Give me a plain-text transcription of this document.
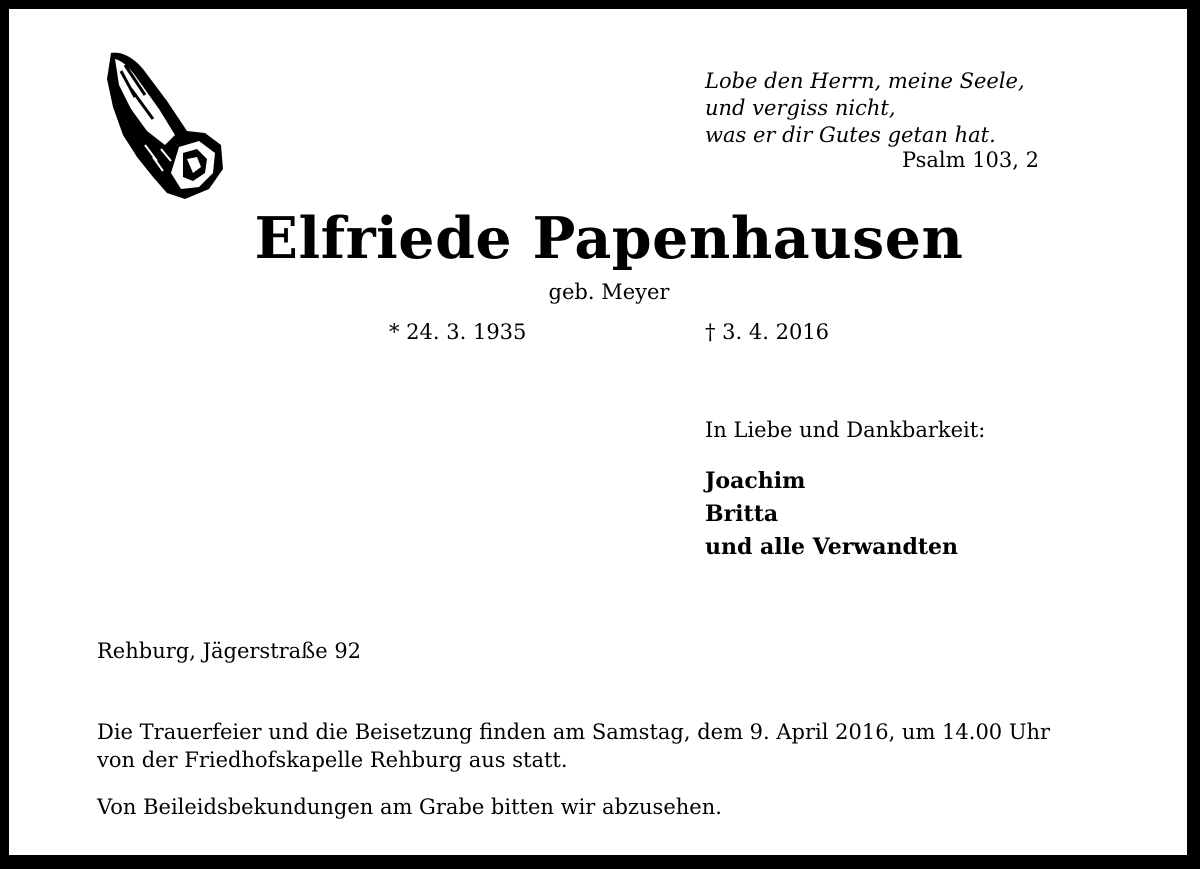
Lobe den Herrn, meine Seele,
und vergiss nicht,
was er dir Gutes getan hat.
Psalm 103, 2
Elfriede Papenhausen
geb. Meyer
* 24. 3. 1935	† 3. 4. 2016
In Liebe und Dankbarkeit:
Joachim
Britta
und alle Verwandten
Rehburg, Jägerstraße 92
Die Trauerfeier und die Beisetzung finden am Samstag, dem 9. April 2016, um 14.00 Uhr
von der Friedhofskapelle Rehburg aus statt.
Von Beileidsbekundungen am Grabe bitten wir abzusehen.
